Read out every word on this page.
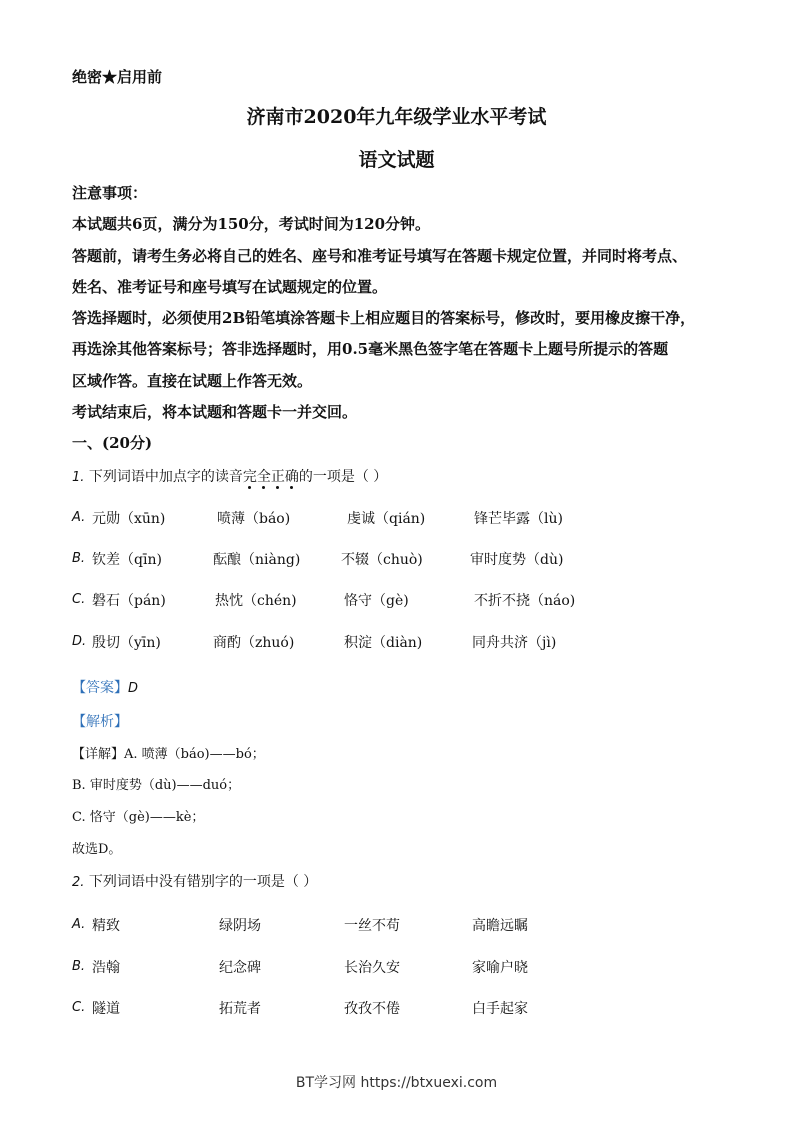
绝密★启用前
济南市2020年九年级学业水平考试
语文试题
注意事项：
本试题共6页，满分为150分，考试时间为120分钟。
答题前，请考生务必将自己的姓名、座号和准考证号填写在答题卡规定位置，并同时将考点、
姓名、准考证号和座号填写在试题规定的位置。
答选择题时，必须使用2B铅笔填涂答题卡上相应题目的答案标号，修改时，要用橡皮擦干净，
再选涂其他答案标号；答非选择题时，用0.5毫米黑色签字笔在答题卡上题号所提示的答题
区域作答。直接在试题上作答无效。
考试结束后，将本试题和答题卡一并交回。
一、(20分)
1. 下列词语中加点字的读音完全正确的一项是（ ）
A. 元勋（xūn)	喷薄（báo)	虔诚（qián)	锋芒毕露（lù)
B. 钦差（qīn)	酝酿（niàng)	不辍（chuò)	审时度势（dù)
C. 磐石（pán)	热忱（chén)	恪守（gè)	不折不挠（náo)
D. 殷切（yīn)	商酌（zhuó)	积淀（diàn)	同舟共济（jì)
【答案】D
【解析】
【详解】A. 喷薄（báo)——bó；
B. 审时度势（dù)——duó；
C. 恪守（gè)——kè；
故选D。
2. 下列词语中没有错别字的一项是（ ）
A. 精致	绿阴场	一丝不苟	高瞻远瞩
B. 浩翰	纪念碑	长治久安	家喻户晓
C. 隧道	拓荒者	孜孜不倦	白手起家
BT学习网 https://btxuexi.com
